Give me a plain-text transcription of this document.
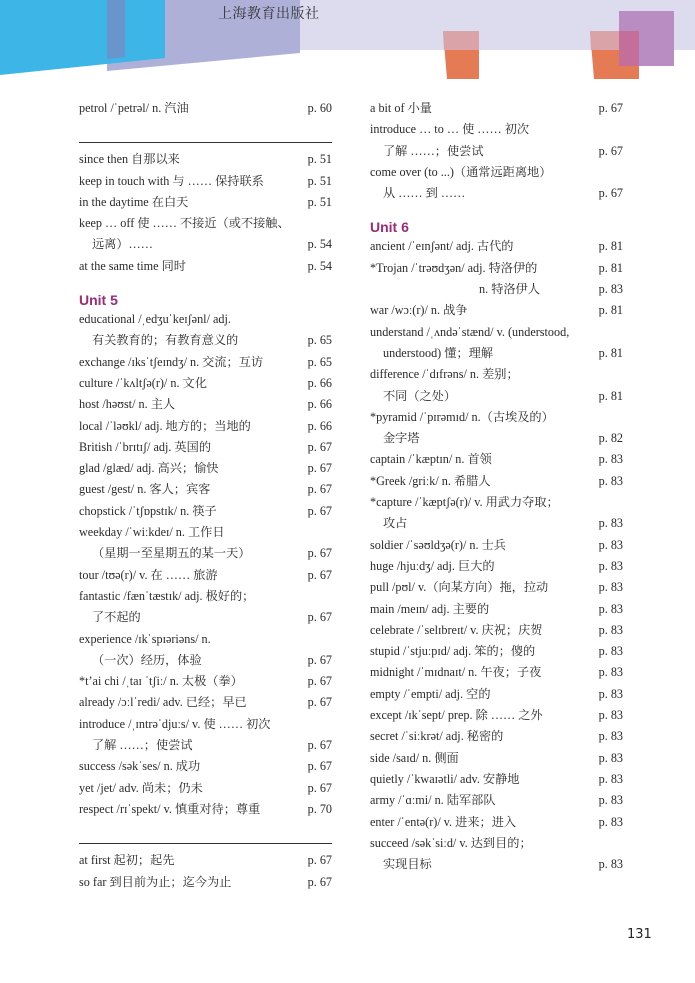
上海教育出版社
petrol /ˈpetrəl/ n. 汽油	p. 60
since then 自那以来	p. 51
keep in touch with 与 …… 保持联系	p. 51
in the daytime 在白天	p. 51
keep … off 使 …… 不接近（或不接触、
远离）……	p. 54
at the same time 同时	p. 54
Unit 5
educational /ˌedʒuˈkeɪʃənl/ adj.
有关教育的；有教育意义的	p. 65
exchange /ɪksˈtʃeɪndʒ/ n. 交流；互访	p. 65
culture /ˈkʌltʃə(r)/ n. 文化	p. 66
host /həʊst/ n. 主人	p. 66
local /ˈləʊkl/ adj. 地方的；当地的	p. 66
British /ˈbrɪtɪʃ/ adj. 英国的	p. 67
glad /glæd/ adj. 高兴；愉快	p. 67
guest /gest/ n. 客人；宾客	p. 67
chopstick /ˈtʃɒpstɪk/ n. 筷子	p. 67
weekday /ˈwiːkdeɪ/ n. 工作日
（星期一至星期五的某一天）	p. 67
tour /tʊə(r)/ v. 在 …… 旅游	p. 67
fantastic /fænˈtæstɪk/ adj. 极好的；
了不起的	p. 67
experience /ɪkˈspɪəriəns/ n.
（一次）经历，体验	p. 67
*t’ai chi /ˌtaɪ ˈtʃiː/ n. 太极（拳）	p. 67
already /ɔːlˈredi/ adv. 已经；早已	p. 67
introduce /ˌɪntrəˈdjuːs/ v. 使 …… 初次
了解 ……；使尝试	p. 67
success /səkˈses/ n. 成功	p. 67
yet /jet/ adv. 尚未；仍未	p. 67
respect /rɪˈspekt/ v. 慎重对待；尊重	p. 70
at first 起初；起先	p. 67
so far 到目前为止；迄今为止	p. 67
a bit of 小量	p. 67
introduce … to … 使 …… 初次
了解 ……；使尝试	p. 67
come over (to ...)（通常远距离地）
从 …… 到 ……	p. 67
Unit 6
ancient /ˈeɪnʃənt/ adj. 古代的	p. 81
*Trojan /ˈtrəʊdʒən/ adj. 特洛伊的	p. 81
n. 特洛伊人	p. 83
war /wɔː(r)/ n. 战争	p. 81
understand /ˌʌndəˈstænd/ v. (understood,
understood) 懂；理解	p. 81
difference /ˈdɪfrəns/ n. 差别；
不同（之处）	p. 81
*pyramid /ˈpɪrəmɪd/ n.（古埃及的）
金字塔	p. 82
captain /ˈkæptɪn/ n. 首领	p. 83
*Greek /griːk/ n. 希腊人	p. 83
*capture /ˈkæptʃə(r)/ v. 用武力夺取；
攻占	p. 83
soldier /ˈsəʊldʒə(r)/ n. 士兵	p. 83
huge /hjuːdʒ/ adj. 巨大的	p. 83
pull /pʊl/ v.（向某方向）拖，拉动	p. 83
main /meɪn/ adj. 主要的	p. 83
celebrate /ˈselɪbreɪt/ v. 庆祝；庆贺	p. 83
stupid /ˈstjuːpɪd/ adj. 笨的；傻的	p. 83
midnight /ˈmɪdnaɪt/ n. 午夜；子夜	p. 83
empty /ˈempti/ adj. 空的	p. 83
except /ɪkˈsept/ prep. 除 …… 之外	p. 83
secret /ˈsiːkrət/ adj. 秘密的	p. 83
side /saɪd/ n. 侧面	p. 83
quietly /ˈkwaɪətli/ adv. 安静地	p. 83
army /ˈɑːmi/ n. 陆军部队	p. 83
enter /ˈentə(r)/ v. 进来；进入	p. 83
succeed /səkˈsiːd/ v. 达到目的；
实现目标	p. 83
131
